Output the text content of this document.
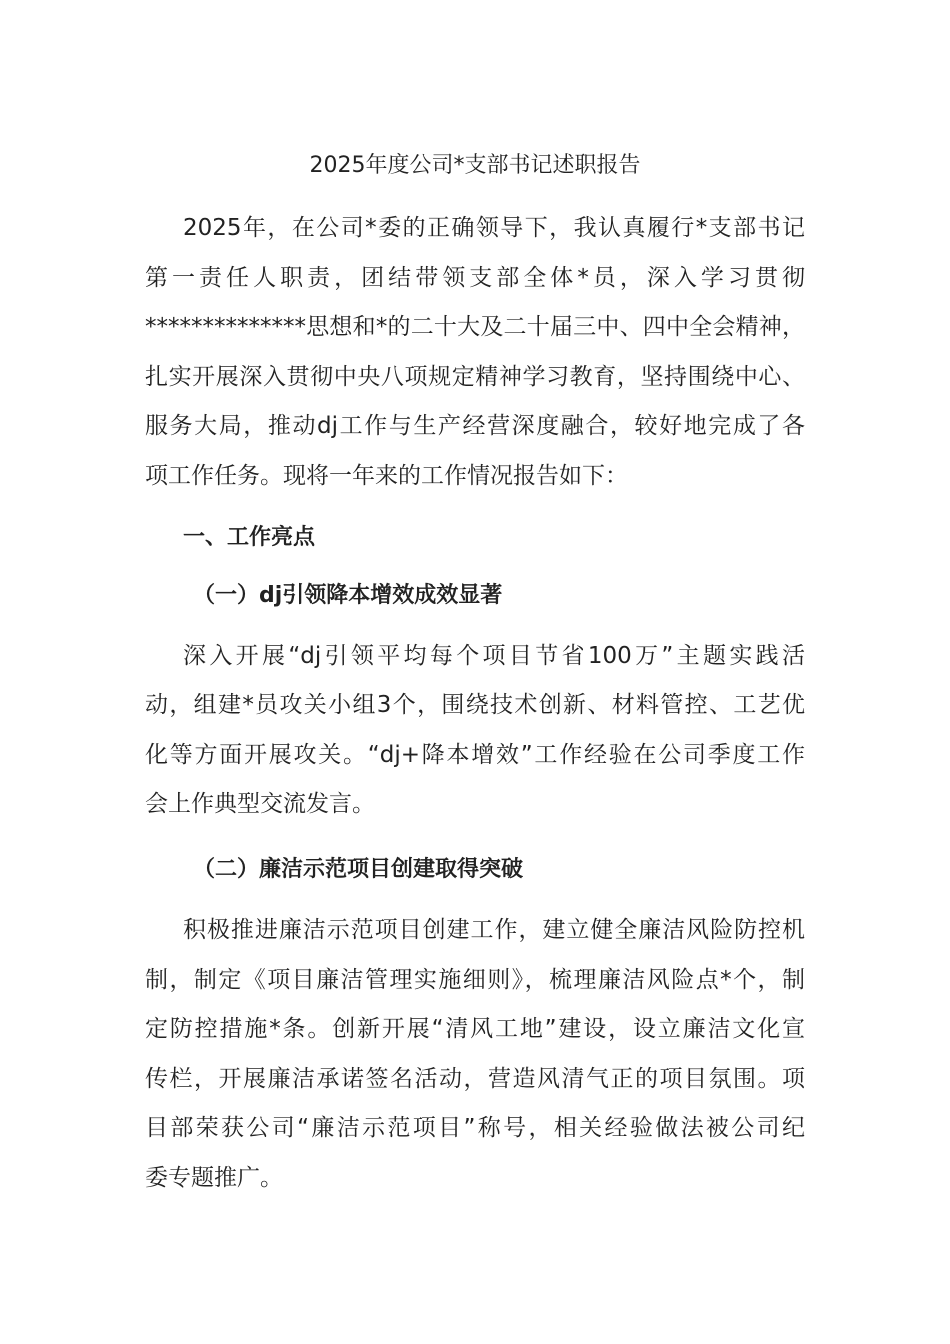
2025年度公司*支部书记述职报告
2025年，在公司*委的正确领导下，我认真履行*支部书记
第一责任人职责，团结带领支部全体*员，深入学习贯彻
**************思想和*的二十大及二十届三中、四中全会精神，
扎实开展深入贯彻中央八项规定精神学习教育，坚持围绕中心、
服务大局，推动dj工作与生产经营深度融合，较好地完成了各
项工作任务。现将一年来的工作情况报告如下：
一、工作亮点
（一）dj引领降本增效成效显著
深入开展“dj引领平均每个项目节省100万”主题实践活
动，组建*员攻关小组3个，围绕技术创新、材料管控、工艺优
化等方面开展攻关。“dj+降本增效”工作经验在公司季度工作
会上作典型交流发言。
（二）廉洁示范项目创建取得突破
积极推进廉洁示范项目创建工作，建立健全廉洁风险防控机
制，制定《项目廉洁管理实施细则》，梳理廉洁风险点*个，制
定防控措施*条。创新开展“清风工地”建设，设立廉洁文化宣
传栏，开展廉洁承诺签名活动，营造风清气正的项目氛围。项
目部荣获公司“廉洁示范项目”称号，相关经验做法被公司纪
委专题推广。
